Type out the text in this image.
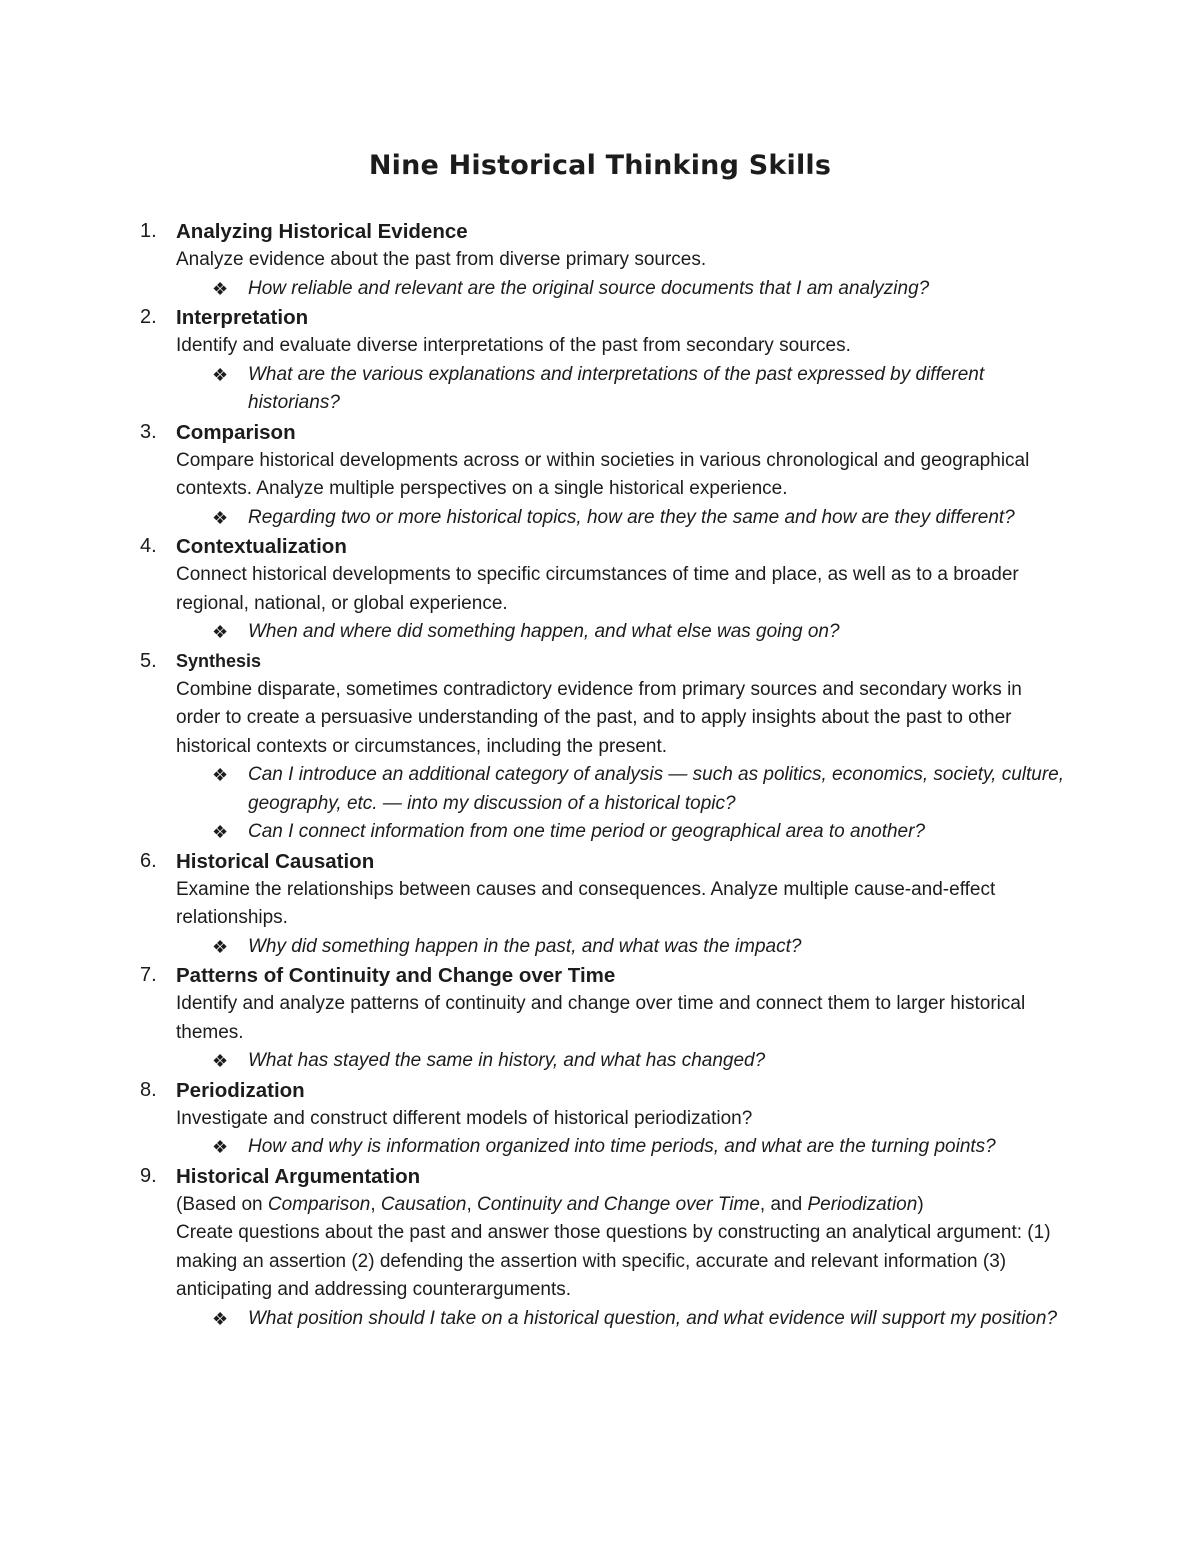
Nine Historical Thinking Skills
1. Analyzing Historical Evidence
Analyze evidence about the past from diverse primary sources.
❖ How reliable and relevant are the original source documents that I am analyzing?
2. Interpretation
Identify and evaluate diverse interpretations of the past from secondary sources.
❖ What are the various explanations and interpretations of the past expressed by different historians?
3. Comparison
Compare historical developments across or within societies in various chronological and geographical contexts. Analyze multiple perspectives on a single historical experience.
❖ Regarding two or more historical topics, how are they the same and how are they different?
4. Contextualization
Connect historical developments to specific circumstances of time and place, as well as to a broader regional, national, or global experience.
❖ When and where did something happen, and what else was going on?
5. Synthesis
Combine disparate, sometimes contradictory evidence from primary sources and secondary works in order to create a persuasive understanding of the past, and to apply insights about the past to other historical contexts or circumstances, including the present.
❖ Can I introduce an additional category of analysis — such as politics, economics, society, culture, geography, etc. — into my discussion of a historical topic?
❖ Can I connect information from one time period or geographical area to another?
6. Historical Causation
Examine the relationships between causes and consequences. Analyze multiple cause-and-effect relationships.
❖ Why did something happen in the past, and what was the impact?
7. Patterns of Continuity and Change over Time
Identify and analyze patterns of continuity and change over time and connect them to larger historical themes.
❖ What has stayed the same in history, and what has changed?
8. Periodization
Investigate and construct different models of historical periodization?
❖ How and why is information organized into time periods, and what are the turning points?
9. Historical Argumentation
(Based on Comparison, Causation, Continuity and Change over Time, and Periodization)
Create questions about the past and answer those questions by constructing an analytical argument: (1) making an assertion (2) defending the assertion with specific, accurate and relevant information (3) anticipating and addressing counterarguments.
❖ What position should I take on a historical question, and what evidence will support my position?
